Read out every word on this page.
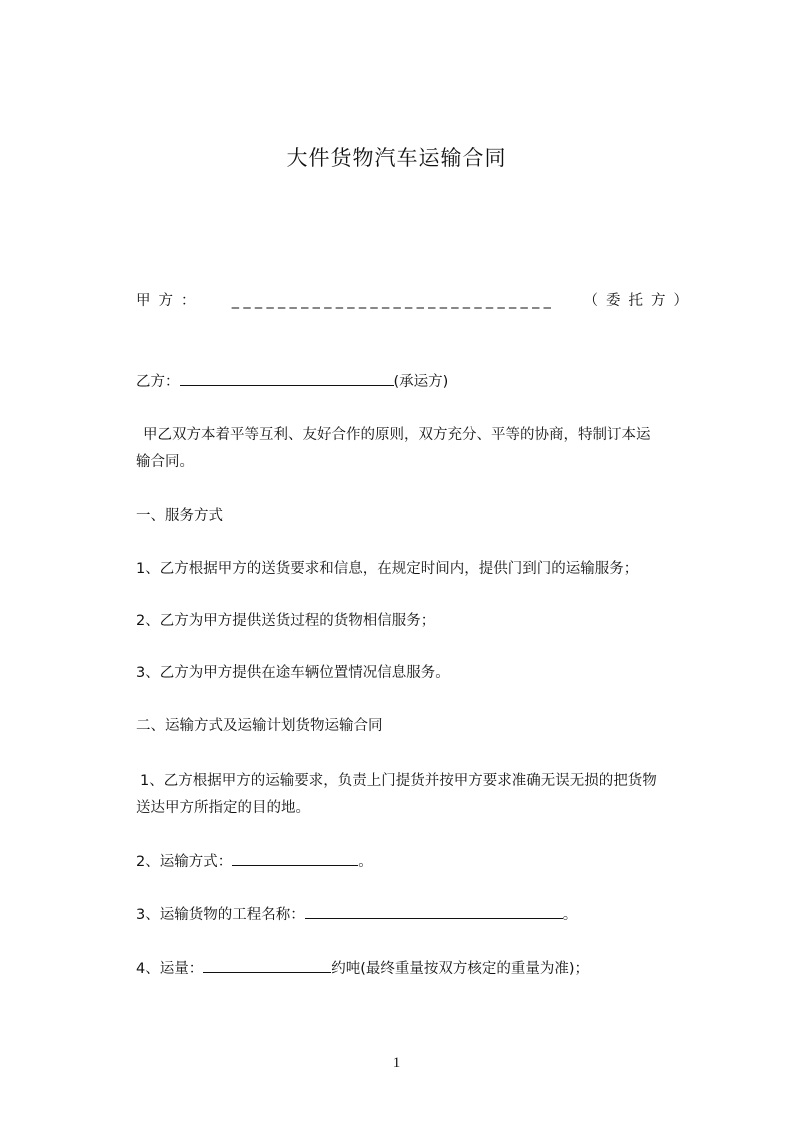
大件货物汽车运输合同
甲方：	____________________________	（委托方）
乙方：	(承运方)
甲乙双方本着平等互利、友好合作的原则，双方充分、平等的协商，特制订本运
输合同。
一、服务方式
1、乙方根据甲方的送货要求和信息，在规定时间内，提供门到门的运输服务；
2、乙方为甲方提供送货过程的货物相信服务；
3、乙方为甲方提供在途车辆位置情况信息服务。
二、运输方式及运输计划货物运输合同
1、乙方根据甲方的运输要求，负责上门提货并按甲方要求准确无误无损的把货物
送达甲方所指定的目的地。
2、运输方式：	。
3、运输货物的工程名称：	。
4、运量：	约吨(最终重量按双方核定的重量为准)；
1
